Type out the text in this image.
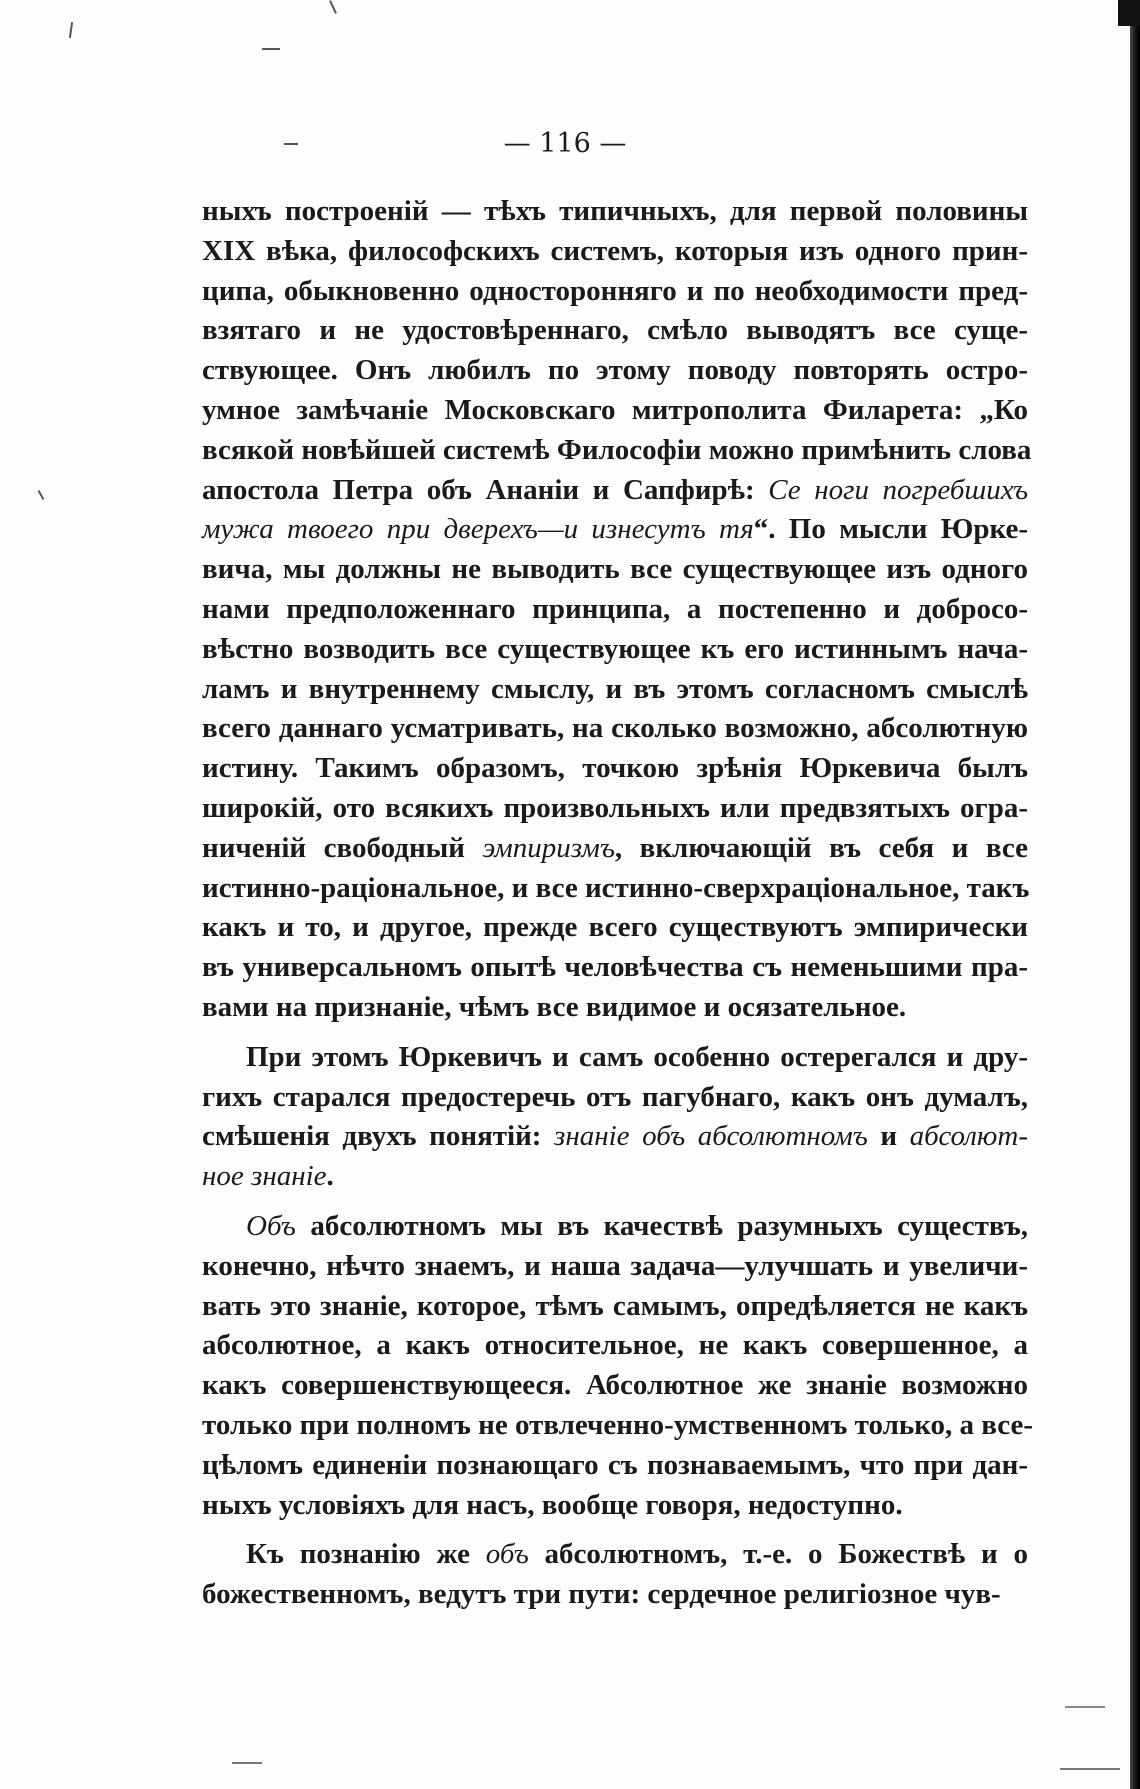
— 116 —
ныхъ построеній — тѣхъ типичныхъ, для первой половины
XIX вѣка, философскихъ системъ, которыя изъ одного прин-
ципа, обыкновенно односторонняго и по необходимости пред-
взятаго и не удостовѣреннаго, смѣло выводятъ все суще-
ствующее. Онъ любилъ по этому поводу повторять остро-
умное замѣчаніе Московскаго митрополита Филарета: „Ко
всякой новѣйшей системѣ Философіи можно примѣнить слова
апостола Петра объ Ананіи и Сапфирѣ: Се ноги погребшихъ
мужа твоего при дверехъ—и изнесутъ тя“. По мысли Юрке-
вича, мы должны не выводить все существующее изъ одного
нами предположеннаго принципа, а постепенно и добросо-
вѣстно возводить все существующее къ его истиннымъ нача-
ламъ и внутреннему смыслу, и въ этомъ согласномъ смыслѣ
всего даннаго усматривать, на сколько возможно, абсолютную
истину. Такимъ образомъ, точкою зрѣнія Юркевича былъ
широкій, ото всякихъ произвольныхъ или предвзятыхъ огра-
ниченій свободный эмпиризмъ, включающій въ себя и все
истинно-раціональное, и все истинно-сверхраціональное, такъ
какъ и то, и другое, прежде всего существуютъ эмпирически
въ универсальномъ опытѣ человѣчества съ неменьшими пра-
вами на признаніе, чѣмъ все видимое и осязательное.
При этомъ Юркевичъ и самъ особенно остерегался и дру-
гихъ старался предостеречь отъ пагубнаго, какъ онъ думалъ,
смѣшенія двухъ понятій: знаніе объ абсолютномъ и абсолют-
ное знаніе.
Объ абсолютномъ мы въ качествѣ разумныхъ существъ,
конечно, нѣчто знаемъ, и наша задача—улучшать и увеличи-
вать это знаніе, которое, тѣмъ самымъ, опредѣляется не какъ
абсолютное, а какъ относительное, не какъ совершенное, а
какъ совершенствующееся. Абсолютное же знаніе возможно
только при полномъ не отвлеченно-умственномъ только, а все-
цѣломъ единеніи познающаго съ познаваемымъ, что при дан-
ныхъ условіяхъ для насъ, вообще говоря, недоступно.
Къ познанію же объ абсолютномъ, т.-е. о Божествѣ и о
божественномъ, ведутъ три пути: сердечное религіозное чув-
